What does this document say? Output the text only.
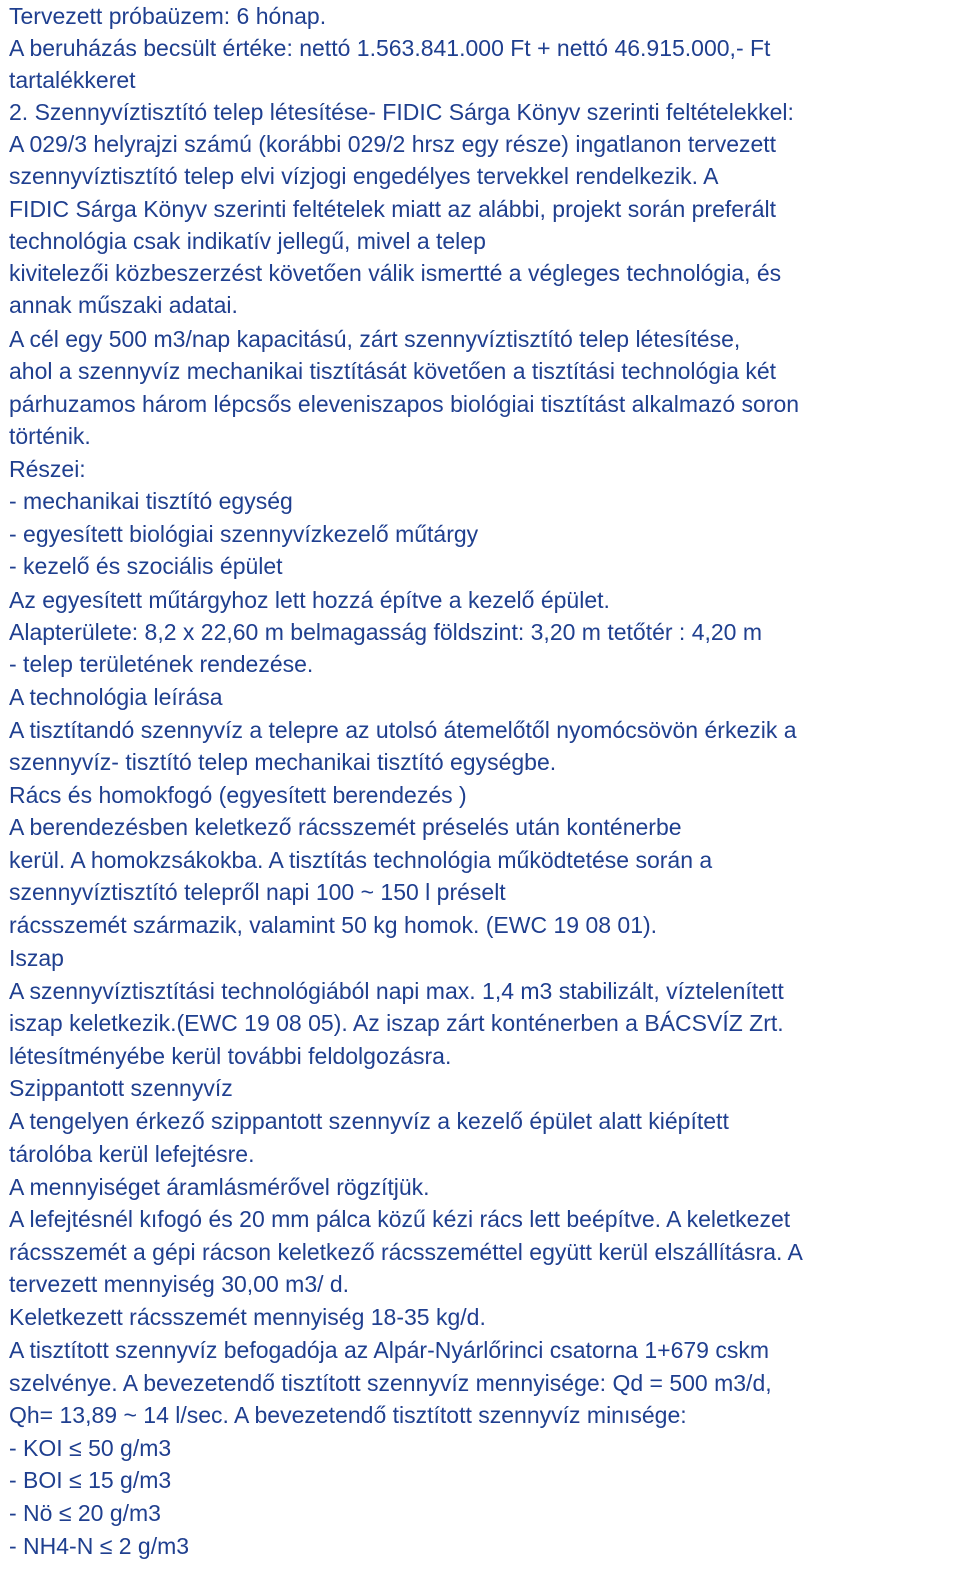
Tervezett próbaüzem: 6 hónap.
A beruházás becsült értéke: nettó 1.563.841.000 Ft + nettó 46.915.000,- Ft
tartalékkeret
2. Szennyvíztisztító telep létesítése- FIDIC Sárga Könyv szerinti feltételekkel:
A 029/3 helyrajzi számú (korábbi 029/2 hrsz egy része) ingatlanon tervezett
szennyvíztisztító telep elvi vízjogi engedélyes tervekkel rendelkezik. A
FIDIC Sárga Könyv szerinti feltételek miatt az alábbi, projekt során preferált
technológia csak indikatív jellegű, mivel a telep
kivitelezői közbeszerzést követően válik ismertté a végleges technológia, és
annak műszaki adatai.
A cél egy 500 m3/nap kapacitású, zárt szennyvíztisztító telep létesítése,
ahol a szennyvíz mechanikai tisztítását követően a tisztítási technológia két
párhuzamos három lépcsős eleveniszapos biológiai tisztítást alkalmazó soron
történik.
Részei:
- mechanikai tisztító egység
- egyesített biológiai szennyvízkezelő műtárgy
- kezelő és szociális épület
Az egyesített műtárgyhoz lett hozzá építve a kezelő épület.
Alapterülete: 8,2 x 22,60 m belmagasság földszint: 3,20 m tetőtér : 4,20 m
- telep területének rendezése.
A technológia leírása
A tisztítandó szennyvíz a telepre az utolsó átemelőtől nyomócsövön érkezik a
szennyvíz- tisztító telep mechanikai tisztító egységbe.
Rács és homokfogó (egyesített berendezés )
A berendezésben keletkező rácsszemét préselés után konténerbe
kerül. A homokzsákokba. A tisztítás technológia működtetése során a
szennyvíztisztító telepről napi 100 ~ 150 l préselt
rácsszemét származik, valamint 50 kg homok. (EWC 19 08 01).
Iszap
A szennyvíztisztítási technológiából napi max. 1,4 m3 stabilizált, víztelenített
iszap keletkezik.(EWC 19 08 05). Az iszap zárt konténerben a BÁCSVÍZ Zrt.
létesítményébe kerül további feldolgozásra.
Szippantott szennyvíz
A tengelyen érkező szippantott szennyvíz a kezelő épület alatt kiépített
tárolóba kerül lefejtésre.
A mennyiséget áramlásmérővel rögzítjük.
A lefejtésnél kıfogó és 20 mm pálca közű kézi rács lett beépítve. A keletkezet
rácsszemét a gépi rácson keletkező rácsszeméttel együtt kerül elszállításra. A
tervezett mennyiség 30,00 m3/ d.
Keletkezett rácsszemét mennyiség 18-35 kg/d.
A tisztított szennyvíz befogadója az Alpár-Nyárlőrinci csatorna 1+679 cskm
szelvénye. A bevezetendő tisztított szennyvíz mennyisége: Qd = 500 m3/d,
Qh= 13,89 ~ 14 l/sec. A bevezetendő tisztított szennyvíz minısége:
- KOI ≤ 50 g/m3
- BOI ≤ 15 g/m3
- Nö ≤ 20 g/m3
- NH4-N ≤ 2 g/m3
